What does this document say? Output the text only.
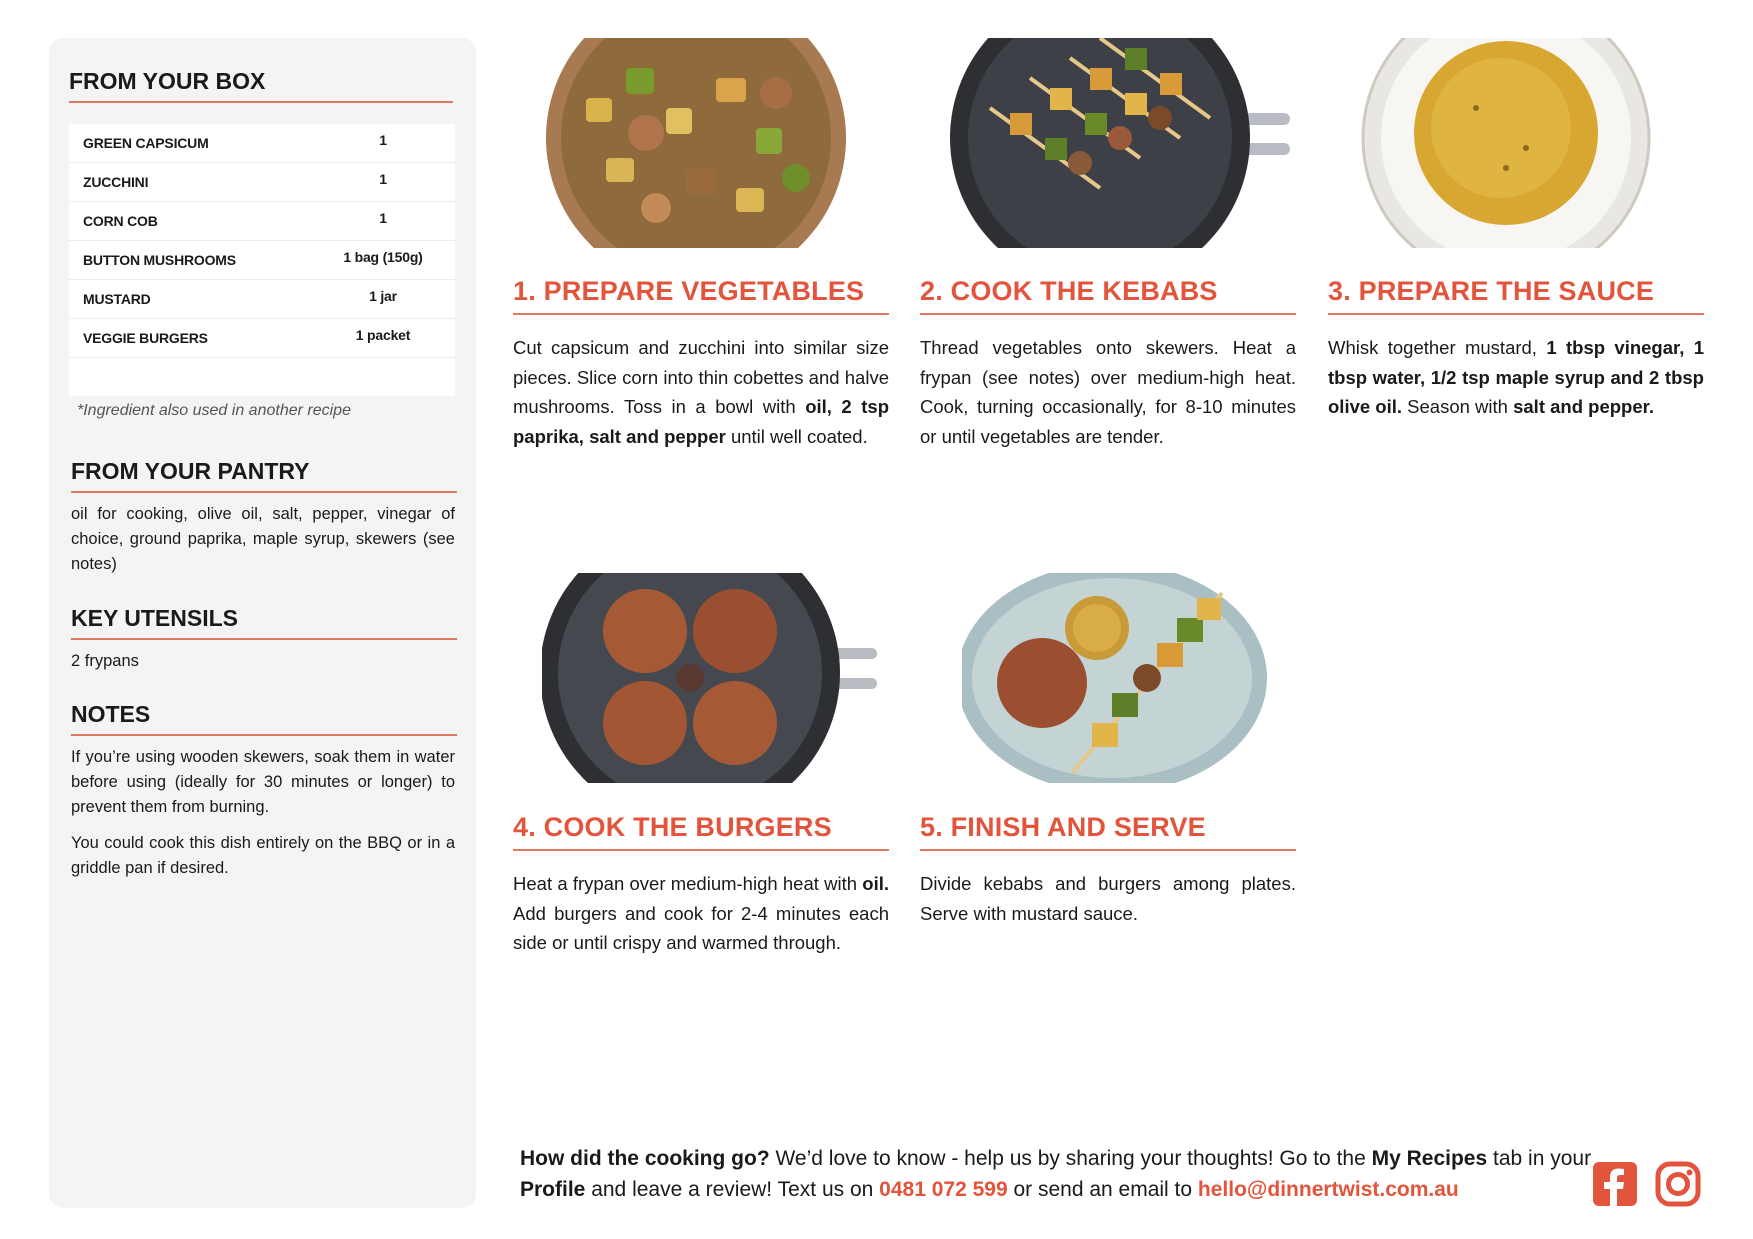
FROM YOUR BOX
GREEN CAPSICUM	1
ZUCCHINI	1
CORN COB	1
BUTTON MUSHROOMS	1 bag (150g)
MUSTARD	1 jar
VEGGIE BURGERS	1 packet
*Ingredient also used in another recipe
FROM YOUR PANTRY

oil for cooking, olive oil, salt, pepper, vinegar of choice, ground paprika, maple syrup, skewers (see notes)

KEY UTENSILS

2 frypans

NOTES

If you’re using wooden skewers, soak them in water before using (ideally for 30 minutes or longer) to prevent them from burning.

You could cook this dish entirely on the BBQ or in a griddle pan if desired.

1. PREPARE VEGETABLES

Cut capsicum and zucchini into similar size pieces. Slice corn into thin cobettes and halve mushrooms. Toss in a bowl with oil, 2 tsp paprika, salt and pepper until well coated.

2. COOK THE KEBABS

Thread vegetables onto skewers. Heat a frypan (see notes) over medium-high heat. Cook, turning occasionally, for 8-10 minutes or until vegetables are tender.

3. PREPARE THE SAUCE

Whisk together mustard, 1 tbsp vinegar, 1 tbsp water, 1/2 tsp maple syrup and 2 tbsp olive oil. Season with salt and pepper.

4. COOK THE BURGERS

Heat a frypan over medium-high heat with oil. Add burgers and cook for 2-4 minutes each side or until crispy and warmed through.

5. FINISH AND SERVE

Divide kebabs and burgers among plates. Serve with mustard sauce.

How did the cooking go? We’d love to know - help us by sharing your thoughts! Go to the My Recipes tab in your Profile and leave a review! Text us on 0481 072 599 or send an email to hello@dinnertwist.com.au
